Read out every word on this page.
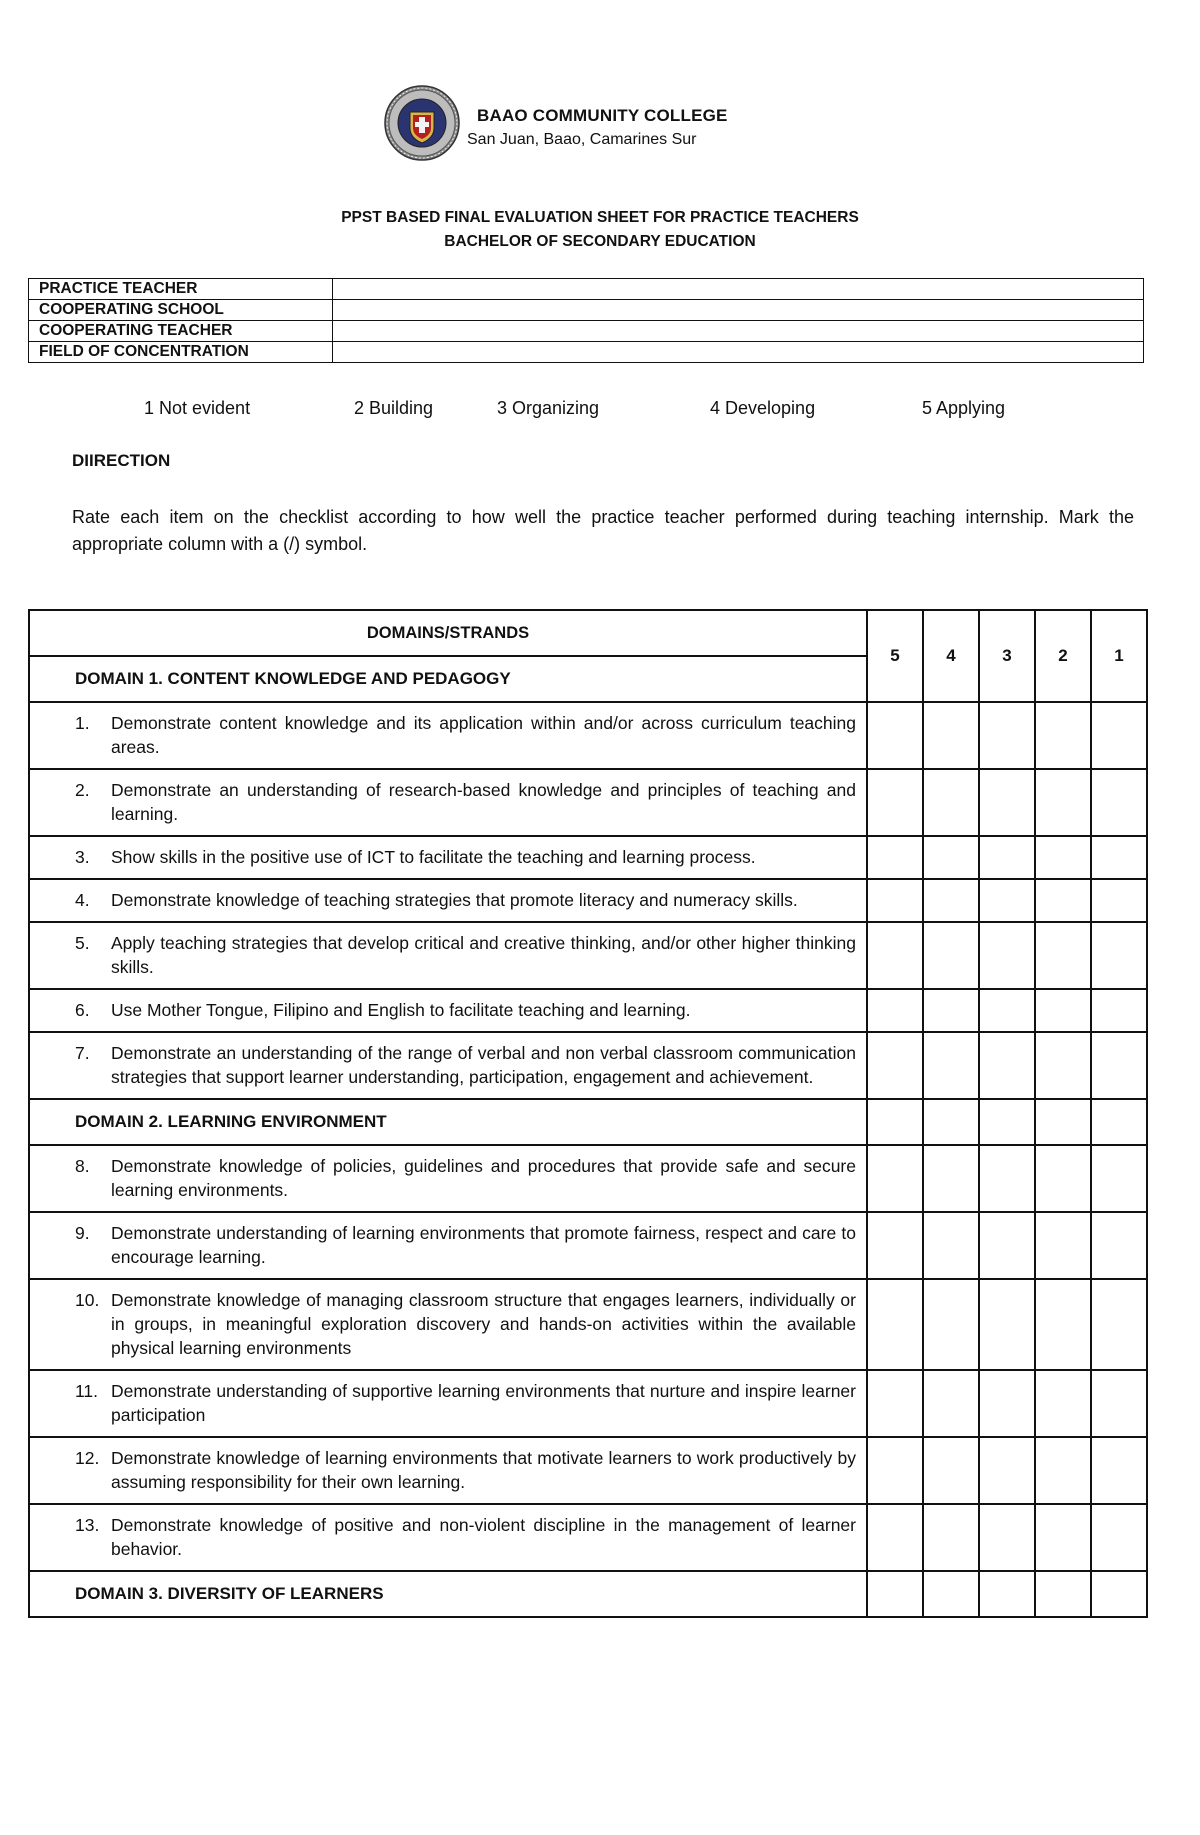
BAAO COMMUNITY COLLEGE
San Juan, Baao, Camarines Sur
PPST BASED FINAL EVALUATION SHEET FOR PRACTICE TEACHERS
BACHELOR OF SECONDARY EDUCATION
PRACTICE TEACHER	
COOPERATING SCHOOL	
COOPERATING TEACHER	
FIELD OF CONCENTRATION	
1 Not evident	2 Building	3 Organizing	4 Developing	5 Applying
DIIRECTION
Rate each item on the checklist according to how well the practice teacher performed during teaching internship. Mark the appropriate column with a (/) symbol.
DOMAINS/STRANDS	5	4	3	2	1
DOMAIN 1. CONTENT KNOWLEDGE AND PEDAGOGY					

1. Demonstrate content knowledge and its application within and/or across curriculum teaching areas.					

2. Demonstrate an understanding of research-based knowledge and principles of teaching and learning.					

3. Show skills in the positive use of ICT to facilitate the teaching and learning process.					

4. Demonstrate knowledge of teaching strategies that promote literacy and numeracy skills.					

5. Apply teaching strategies that develop critical and creative thinking, and/or other higher thinking skills.					

6. Use Mother Tongue, Filipino and English to facilitate teaching and learning.					

7. Demonstrate an understanding of the range of verbal and non verbal classroom communication strategies that support learner understanding, participation, engagement and achievement.					

DOMAIN 2. LEARNING ENVIRONMENT					

8. Demonstrate knowledge of policies, guidelines and procedures that provide safe and secure learning environments.					

9. Demonstrate understanding of learning environments that promote fairness, respect and care to encourage learning.					

10. Demonstrate knowledge of managing classroom structure that engages learners, individually or in groups, in meaningful exploration discovery and hands-on activities within the available physical learning environments					

11. Demonstrate understanding of supportive learning environments that nurture and inspire learner participation					

12. Demonstrate knowledge of learning environments that motivate learners to work productively by assuming responsibility for their own learning.					

13. Demonstrate knowledge of positive and non-violent discipline in the management of learner behavior.					

DOMAIN 3. DIVERSITY OF LEARNERS					
